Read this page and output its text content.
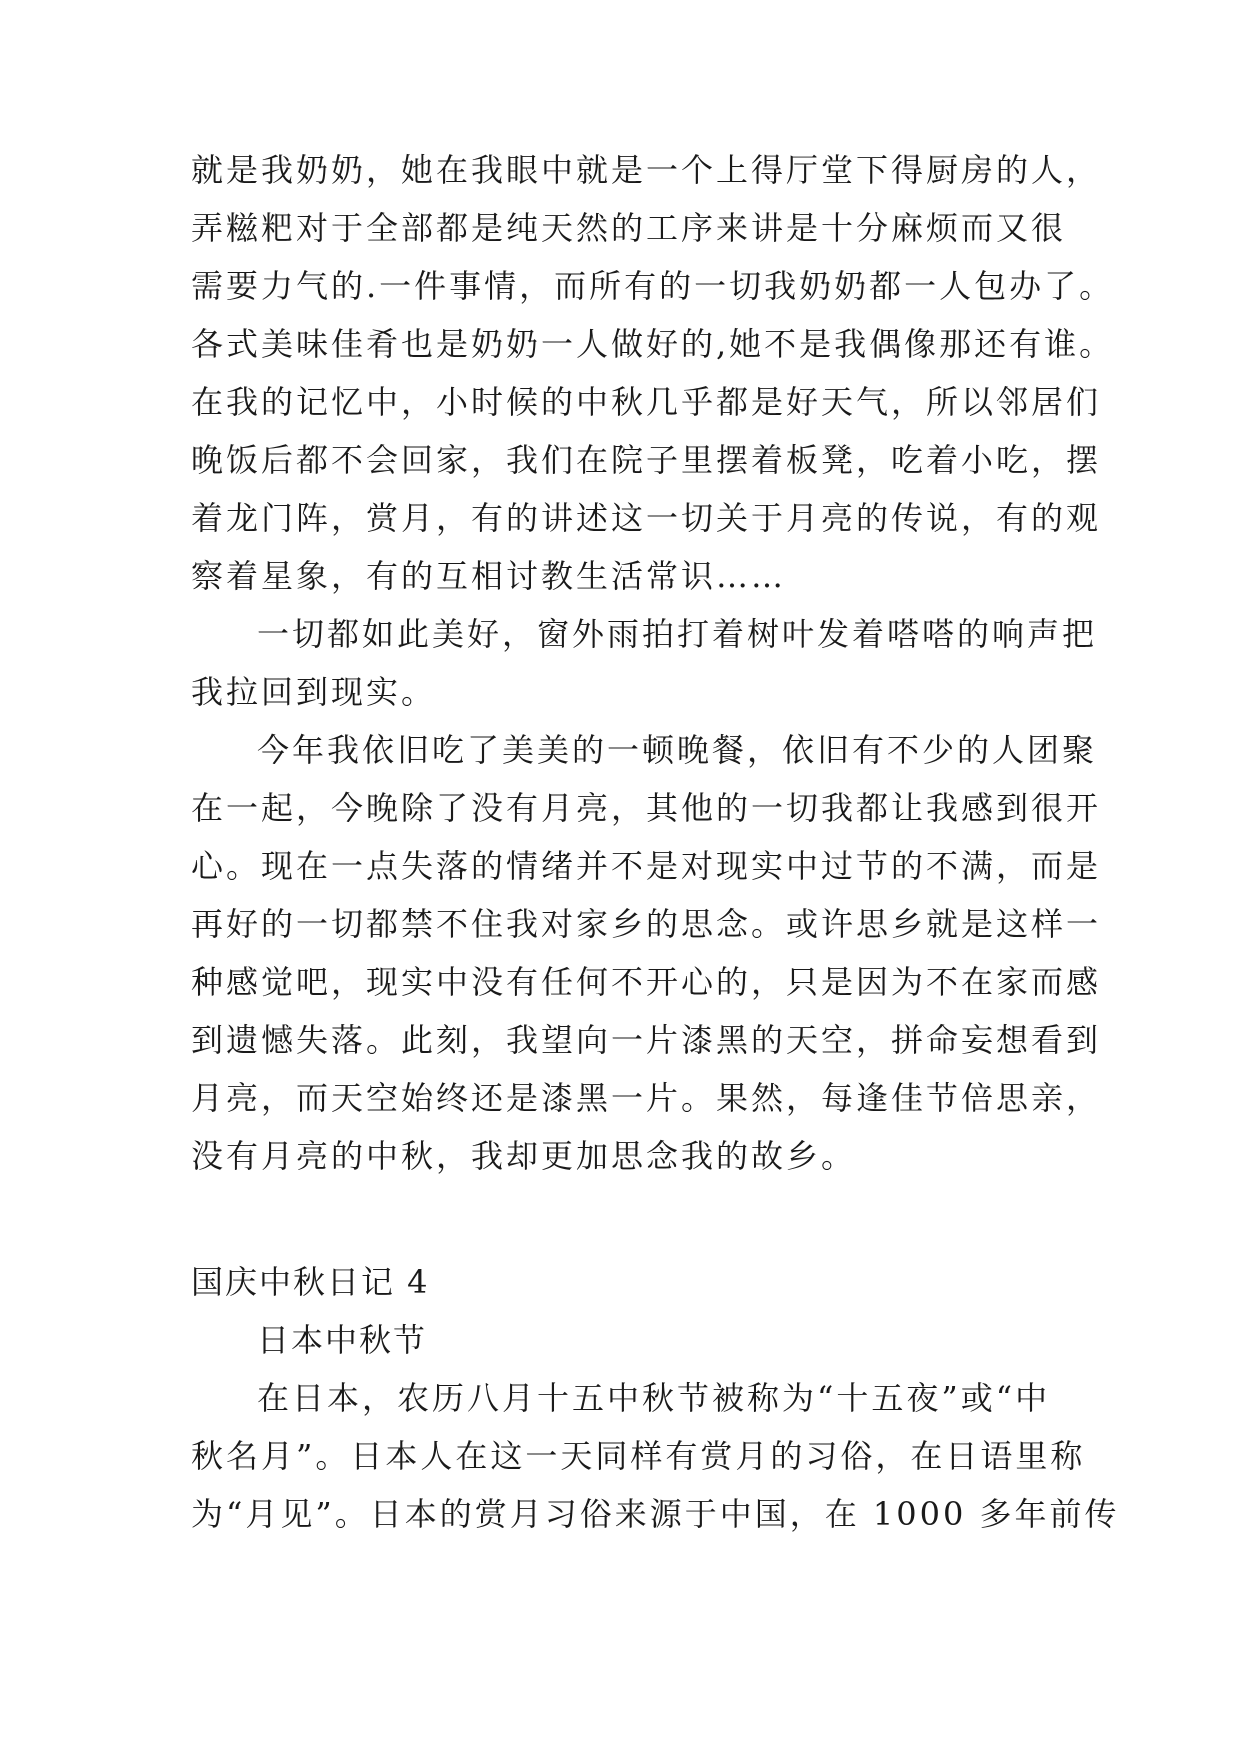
就是我奶奶，她在我眼中就是一个上得厅堂下得厨房的人，
弄糍粑对于全部都是纯天然的工序来讲是十分麻烦而又很
需要力气的.一件事情，而所有的一切我奶奶都一人包办了。
各式美味佳肴也是奶奶一人做好的,她不是我偶像那还有谁。
在我的记忆中，小时候的中秋几乎都是好天气，所以邻居们
晚饭后都不会回家，我们在院子里摆着板凳，吃着小吃，摆
着龙门阵，赏月，有的讲述这一切关于月亮的传说，有的观
察着星象，有的互相讨教生活常识……
一切都如此美好，窗外雨拍打着树叶发着嗒嗒的响声把
我拉回到现实。
今年我依旧吃了美美的一顿晚餐，依旧有不少的人团聚
在一起，今晚除了没有月亮，其他的一切我都让我感到很开
心。现在一点失落的情绪并不是对现实中过节的不满，而是
再好的一切都禁不住我对家乡的思念。或许思乡就是这样一
种感觉吧，现实中没有任何不开心的，只是因为不在家而感
到遗憾失落。此刻，我望向一片漆黑的天空，拼命妄想看到
月亮，而天空始终还是漆黑一片。果然，每逢佳节倍思亲，
没有月亮的中秋，我却更加思念我的故乡。
国庆中秋日记 4
日本中秋节
在日本，农历八月十五中秋节被称为“十五夜”或“中
秋名月”。日本人在这一天同样有赏月的习俗，在日语里称
为“月见”。日本的赏月习俗来源于中国，在 1000 多年前传
